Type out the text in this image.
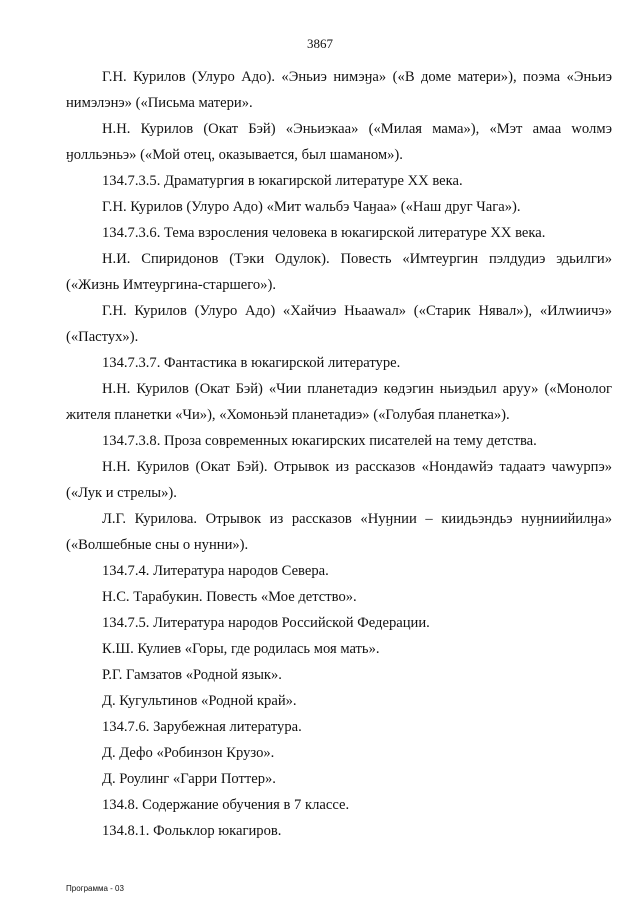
3867

Г.Н. Курилов (Улуро Адо). «Эньиэ нимэӈа» («В доме матери»), поэма «Эньиэ нимэлэнэ» («Письма матери».

Н.Н. Курилов (Окат Бэй) «Эньиэкаа» («Милая мама»), «Мэт амаа wолмэ ӈолльэньэ» («Мой отец, оказывается, был шаманом»).

134.7.3.5. Драматургия в юкагирской литературе XX века.

Г.Н. Курилов (Улуро Адо) «Мит wальбэ Чаӈаа» («Наш друг Чага»).

134.7.3.6. Тема взросления человека в юкагирской литературе XX века.

Н.И. Спиридонов (Тэки Одулок). Повесть «Имтеургин пэлдудиэ эдьилги» («Жизнь Имтеургина-старшего»).

Г.Н. Курилов (Улуро Адо) «Хайчиэ Ньаawал» («Старик Нявал»), «Илwиичэ» («Пастух»).

134.7.3.7. Фантастика в юкагирской литературе.

Н.Н. Курилов (Окат Бэй) «Чии планетадиэ көдэгин ньиэдьил аруу» («Монолог жителя планетки «Чи»), «Хомоньэй планетадиэ» («Голубая планетка»).

134.7.3.8. Проза современных юкагирских писателей на тему детства.

Н.Н. Курилов (Окат Бэй). Отрывок из рассказов «Нондаwйэ тадаатэ чаwурпэ» («Лук и стрелы»).

Л.Г. Курилова. Отрывок из рассказов «Нуӈнии – киидьэндьэ нуӈниийилӈа» («Волшебные сны о нунни»).

134.7.4. Литература народов Севера.

Н.С. Тарабукин. Повесть «Мое детство».

134.7.5. Литература народов Российской Федерации.

К.Ш. Кулиев «Горы, где родилась моя мать».

Р.Г. Гамзатов «Родной язык».

Д. Кугультинов «Родной край».

134.7.6. Зарубежная литература.

Д. Дефо «Робинзон Крузо».

Д. Роулинг «Гарри Поттер».

134.8. Содержание обучения в 7 классе.

134.8.1. Фольклор юкагиров.

Программа - 03
